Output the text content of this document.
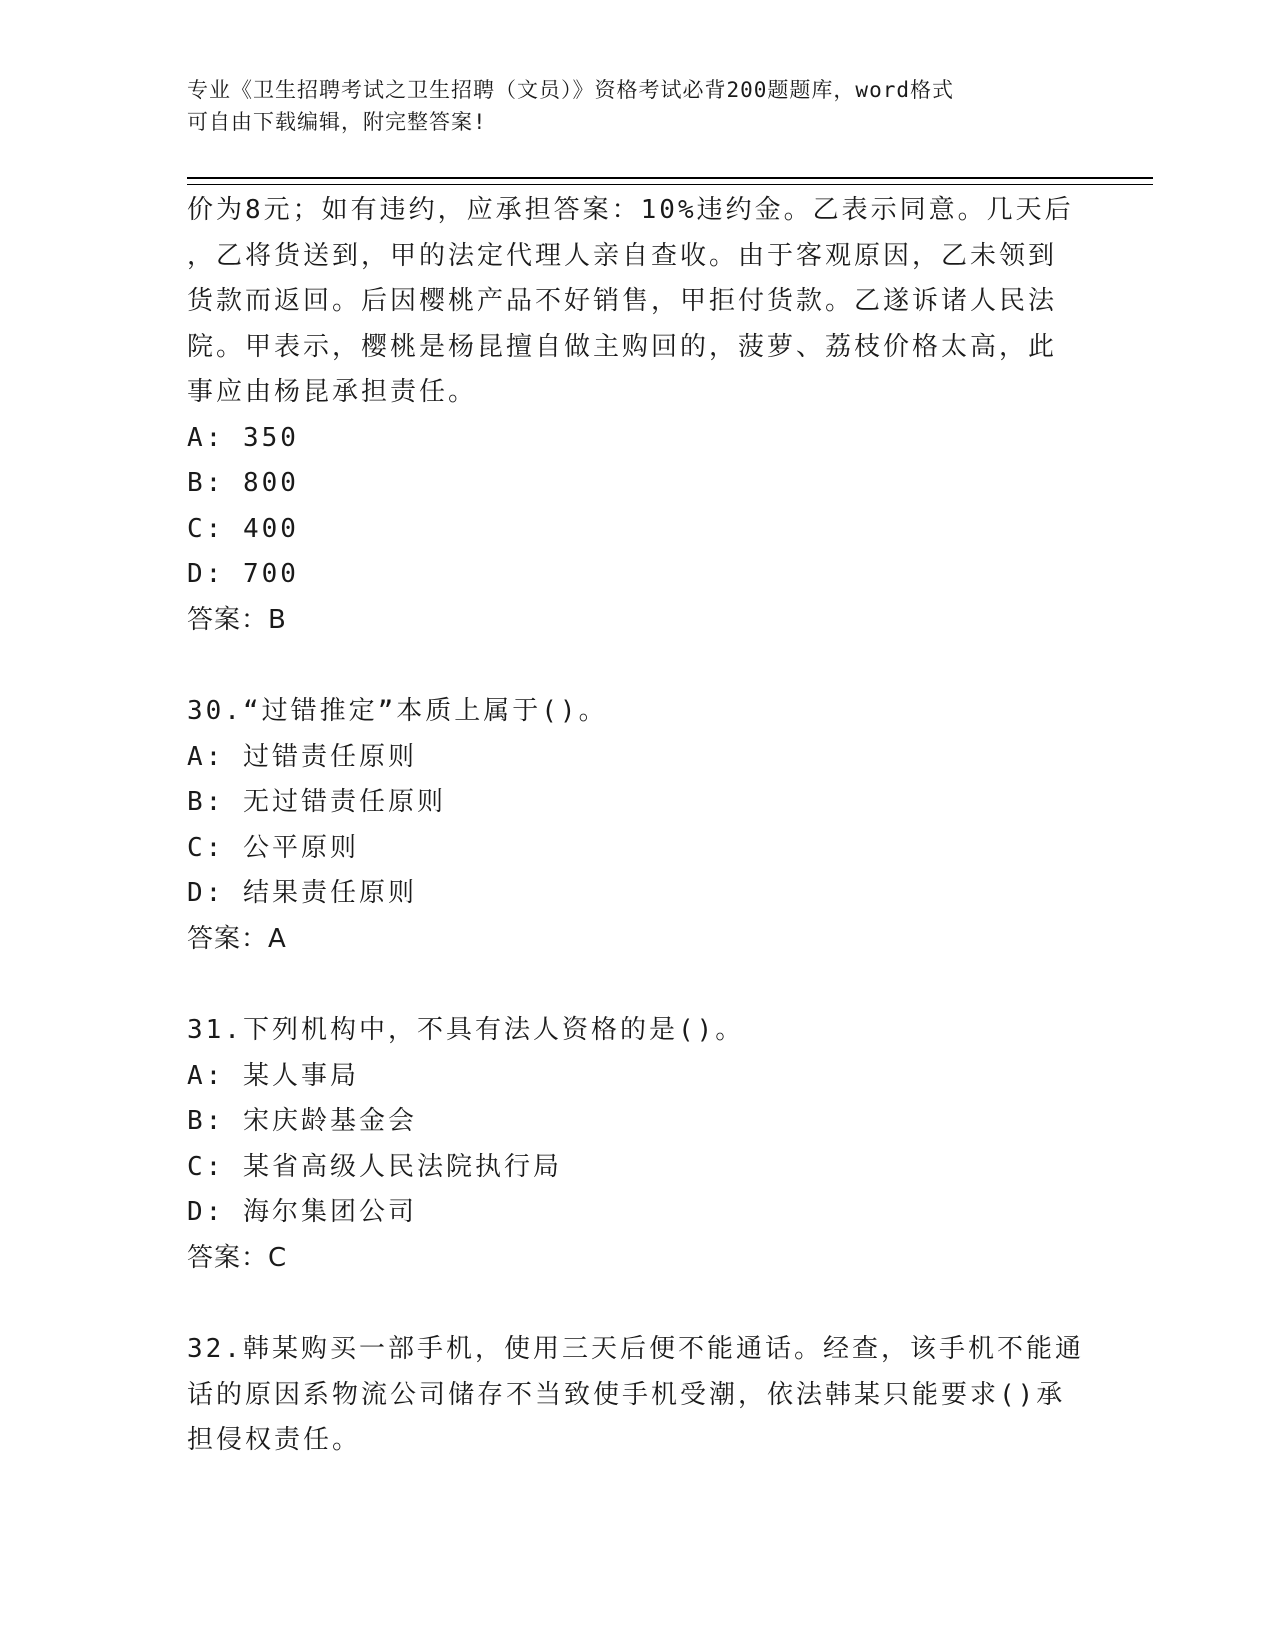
专业《卫生招聘考试之卫生招聘（文员）》资格考试必背200题题库，word格式
可自由下载编辑，附完整答案!

价为8元；如有违约，应承担答案：10%违约金。乙表示同意。几天后

，乙将货送到，甲的法定代理人亲自查收。由于客观原因，乙未领到

货款而返回。后因樱桃产品不好销售，甲拒付货款。乙遂诉诸人民法

院。甲表示，樱桃是杨昆擅自做主购回的，菠萝、荔枝价格太高，此

事应由杨昆承担责任。

A: 350

B: 800

C: 400

D: 700

答案：B

30.“过错推定”本质上属于()。

A: 过错责任原则

B: 无过错责任原则

C: 公平原则

D: 结果责任原则

答案：A

31.下列机构中，不具有法人资格的是()。

A: 某人事局

B: 宋庆龄基金会

C: 某省高级人民法院执行局

D: 海尔集团公司

答案：C

32.韩某购买一部手机，使用三天后便不能通话。经查，该手机不能通

话的原因系物流公司储存不当致使手机受潮，依法韩某只能要求()承

担侵权责任。
